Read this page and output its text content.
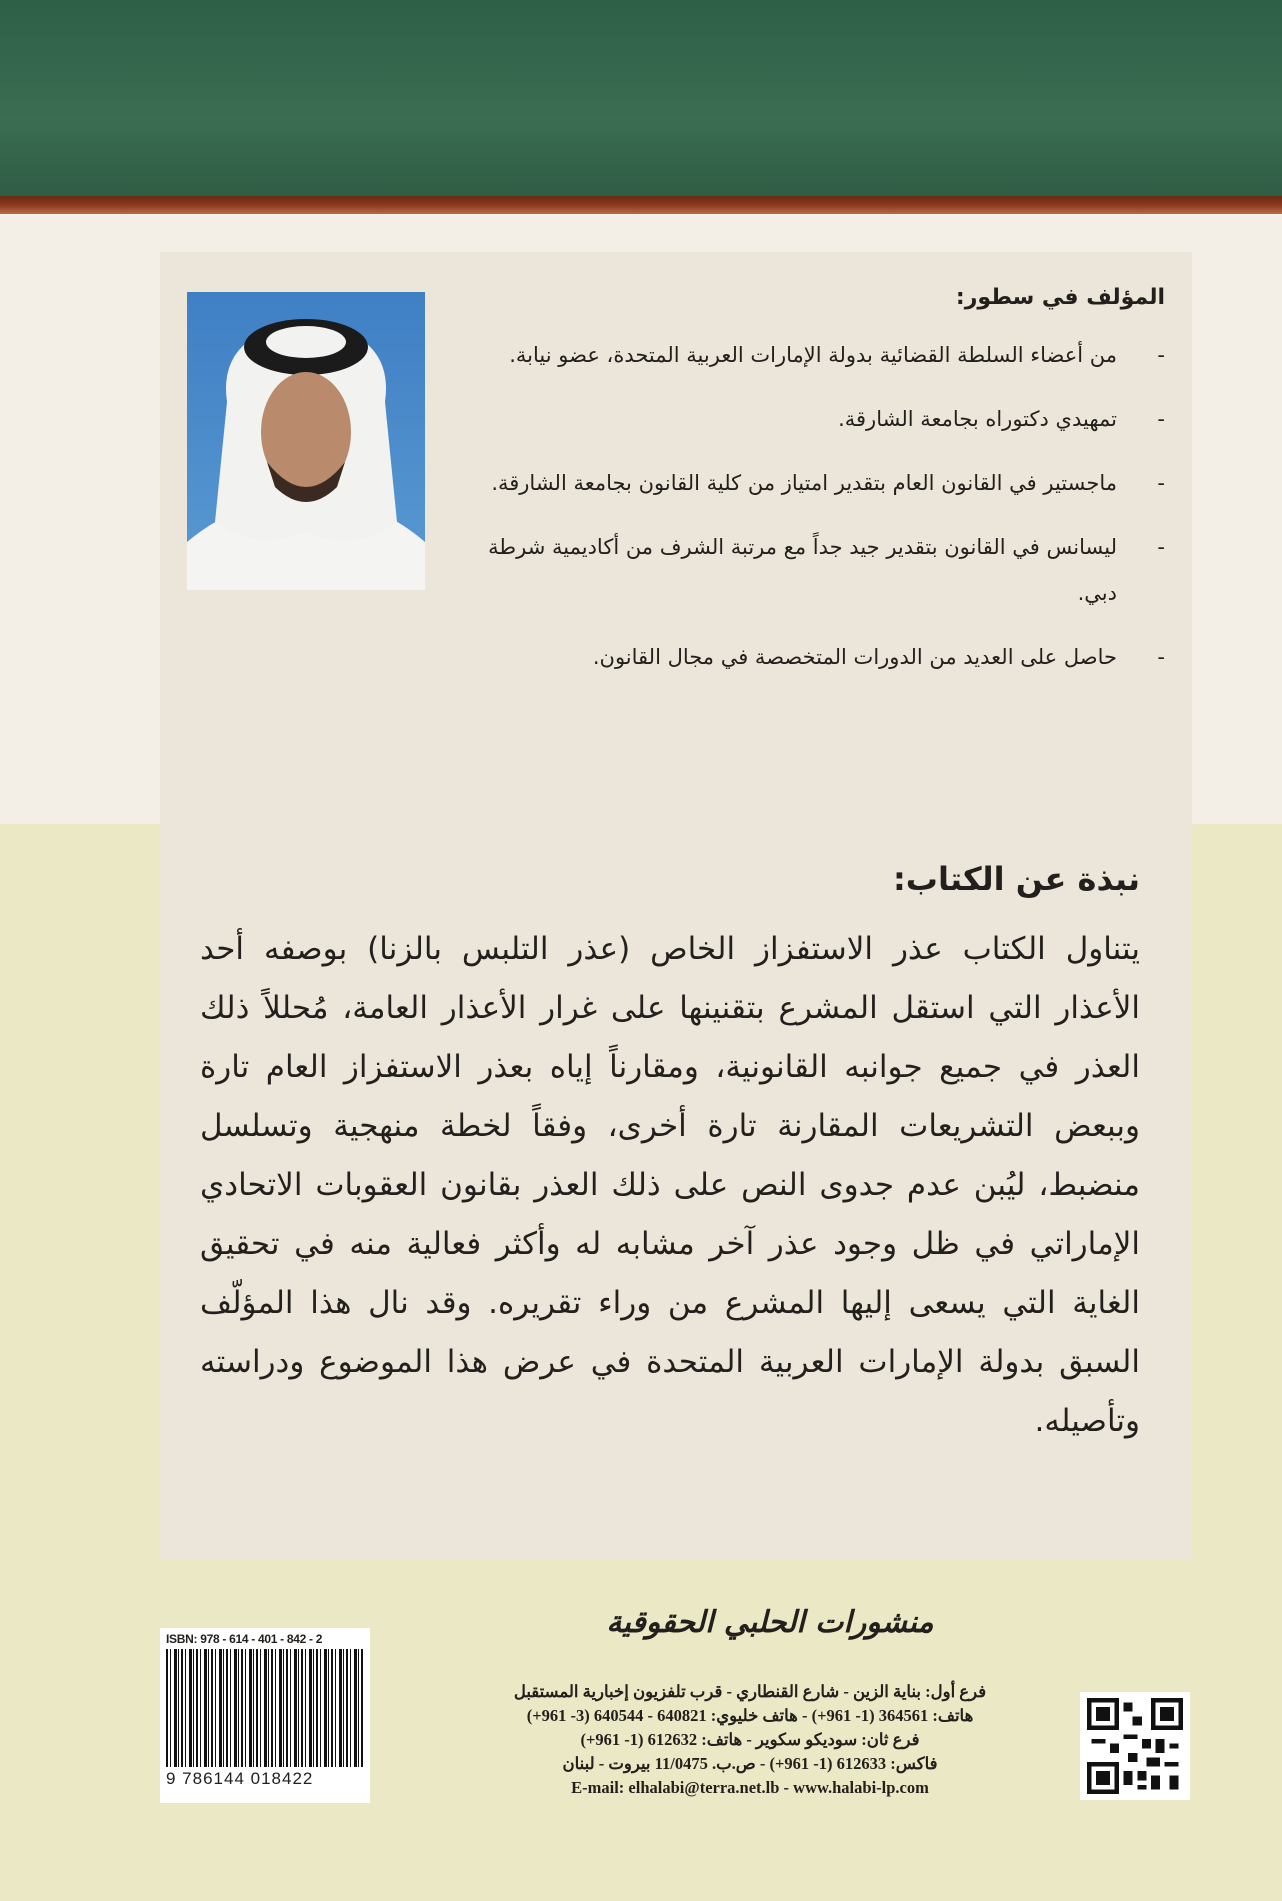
المؤلف في سطور:
- من أعضاء السلطة القضائية بدولة الإمارات العربية المتحدة، عضو نيابة.
- تمهيدي دكتوراه بجامعة الشارقة.
- ماجستير في القانون العام بتقدير امتياز من كلية القانون بجامعة الشارقة.
- ليسانس في القانون بتقدير جيد جداً مع مرتبة الشرف من أكاديمية شرطة دبي.
- حاصل على العديد من الدورات المتخصصة في مجال القانون.
نبذة عن الكتاب:

يتناول الكتاب عذر الاستفزاز الخاص (عذر التلبس بالزنا) بوصفه أحد الأعذار التي استقل المشرع بتقنينها على غرار الأعذار العامة، مُحللاً ذلك العذر في جميع جوانبه القانونية، ومقارناً إياه بعذر الاستفزاز العام تارة وببعض التشريعات المقارنة تارة أخرى، وفقاً لخطة منهجية وتسلسل منضبط، ليُبن عدم جدوى النص على ذلك العذر بقانون العقوبات الاتحادي الإماراتي في ظل وجود عذر آخر مشابه له وأكثر فعالية منه في تحقيق الغاية التي يسعى إليها المشرع من وراء تقريره. وقد نال هذا المؤلّف السبق بدولة الإمارات العربية المتحدة في عرض هذا الموضوع ودراسته وتأصيله.

منشورات الحلبي الحقوقية
فرع أول: بناية الزين - شارع القنطاري - قرب تلفزيون إخبارية المستقبل
هاتف: 364561 (1- 961+) - هاتف خليوي: 640821 - 640544 (3- 961+)
فرع ثان: سوديكو سكوير - هاتف: 612632 (1- 961+)
فاكس: 612633 (1- 961+) - ص.ب. 11/0475 بيروت - لبنان
E-mail: elhalabi@terra.net.lb - www.halabi-lp.com
ISBN: 978 - 614 - 401 - 842 - 2
9 786144 018422
